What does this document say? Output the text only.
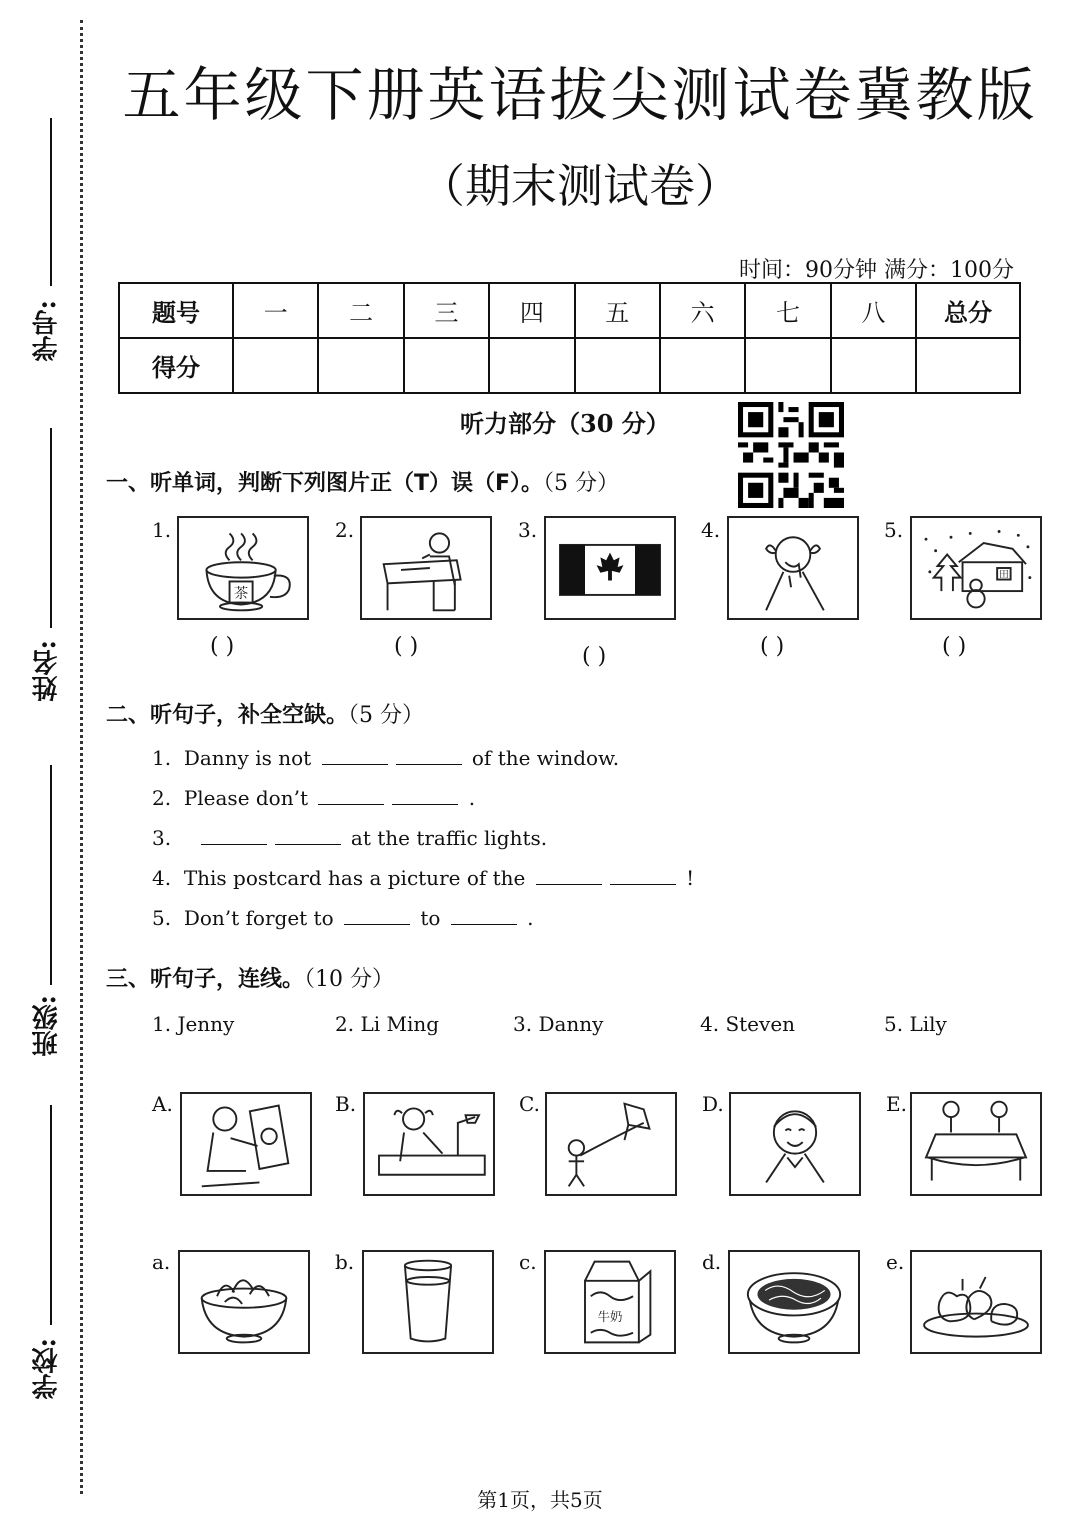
学号:
姓名:
班级:
学校:
五年级下册英语拔尖测试卷冀教版
（期末测试卷）
时间：90分钟 满分：100分
题号	一	二	三	四	五	六	七	八	总分
得分									
听力部分（30 分）
一、听单词，判断下列图片正（T）误（F）。（5 分）
1.
茶
( )
2.
( )
3.
( )
4.
( )
5.
田
( )
二、听句子，补全空缺。（5 分）
1. Danny is not	of the window.
2. Please don’t	.
3.	at the traffic lights.
4. This postcard has a picture of the	!
5. Don’t forget to	to	.
三、听句子，连线。（10 分）
1. Jenny	2. Li Ming	3. Danny	4. Steven	5. Lily
A.	B.	C.	D.	E.
a.	b.	c.
牛奶
d.	e.
第1页，共5页
